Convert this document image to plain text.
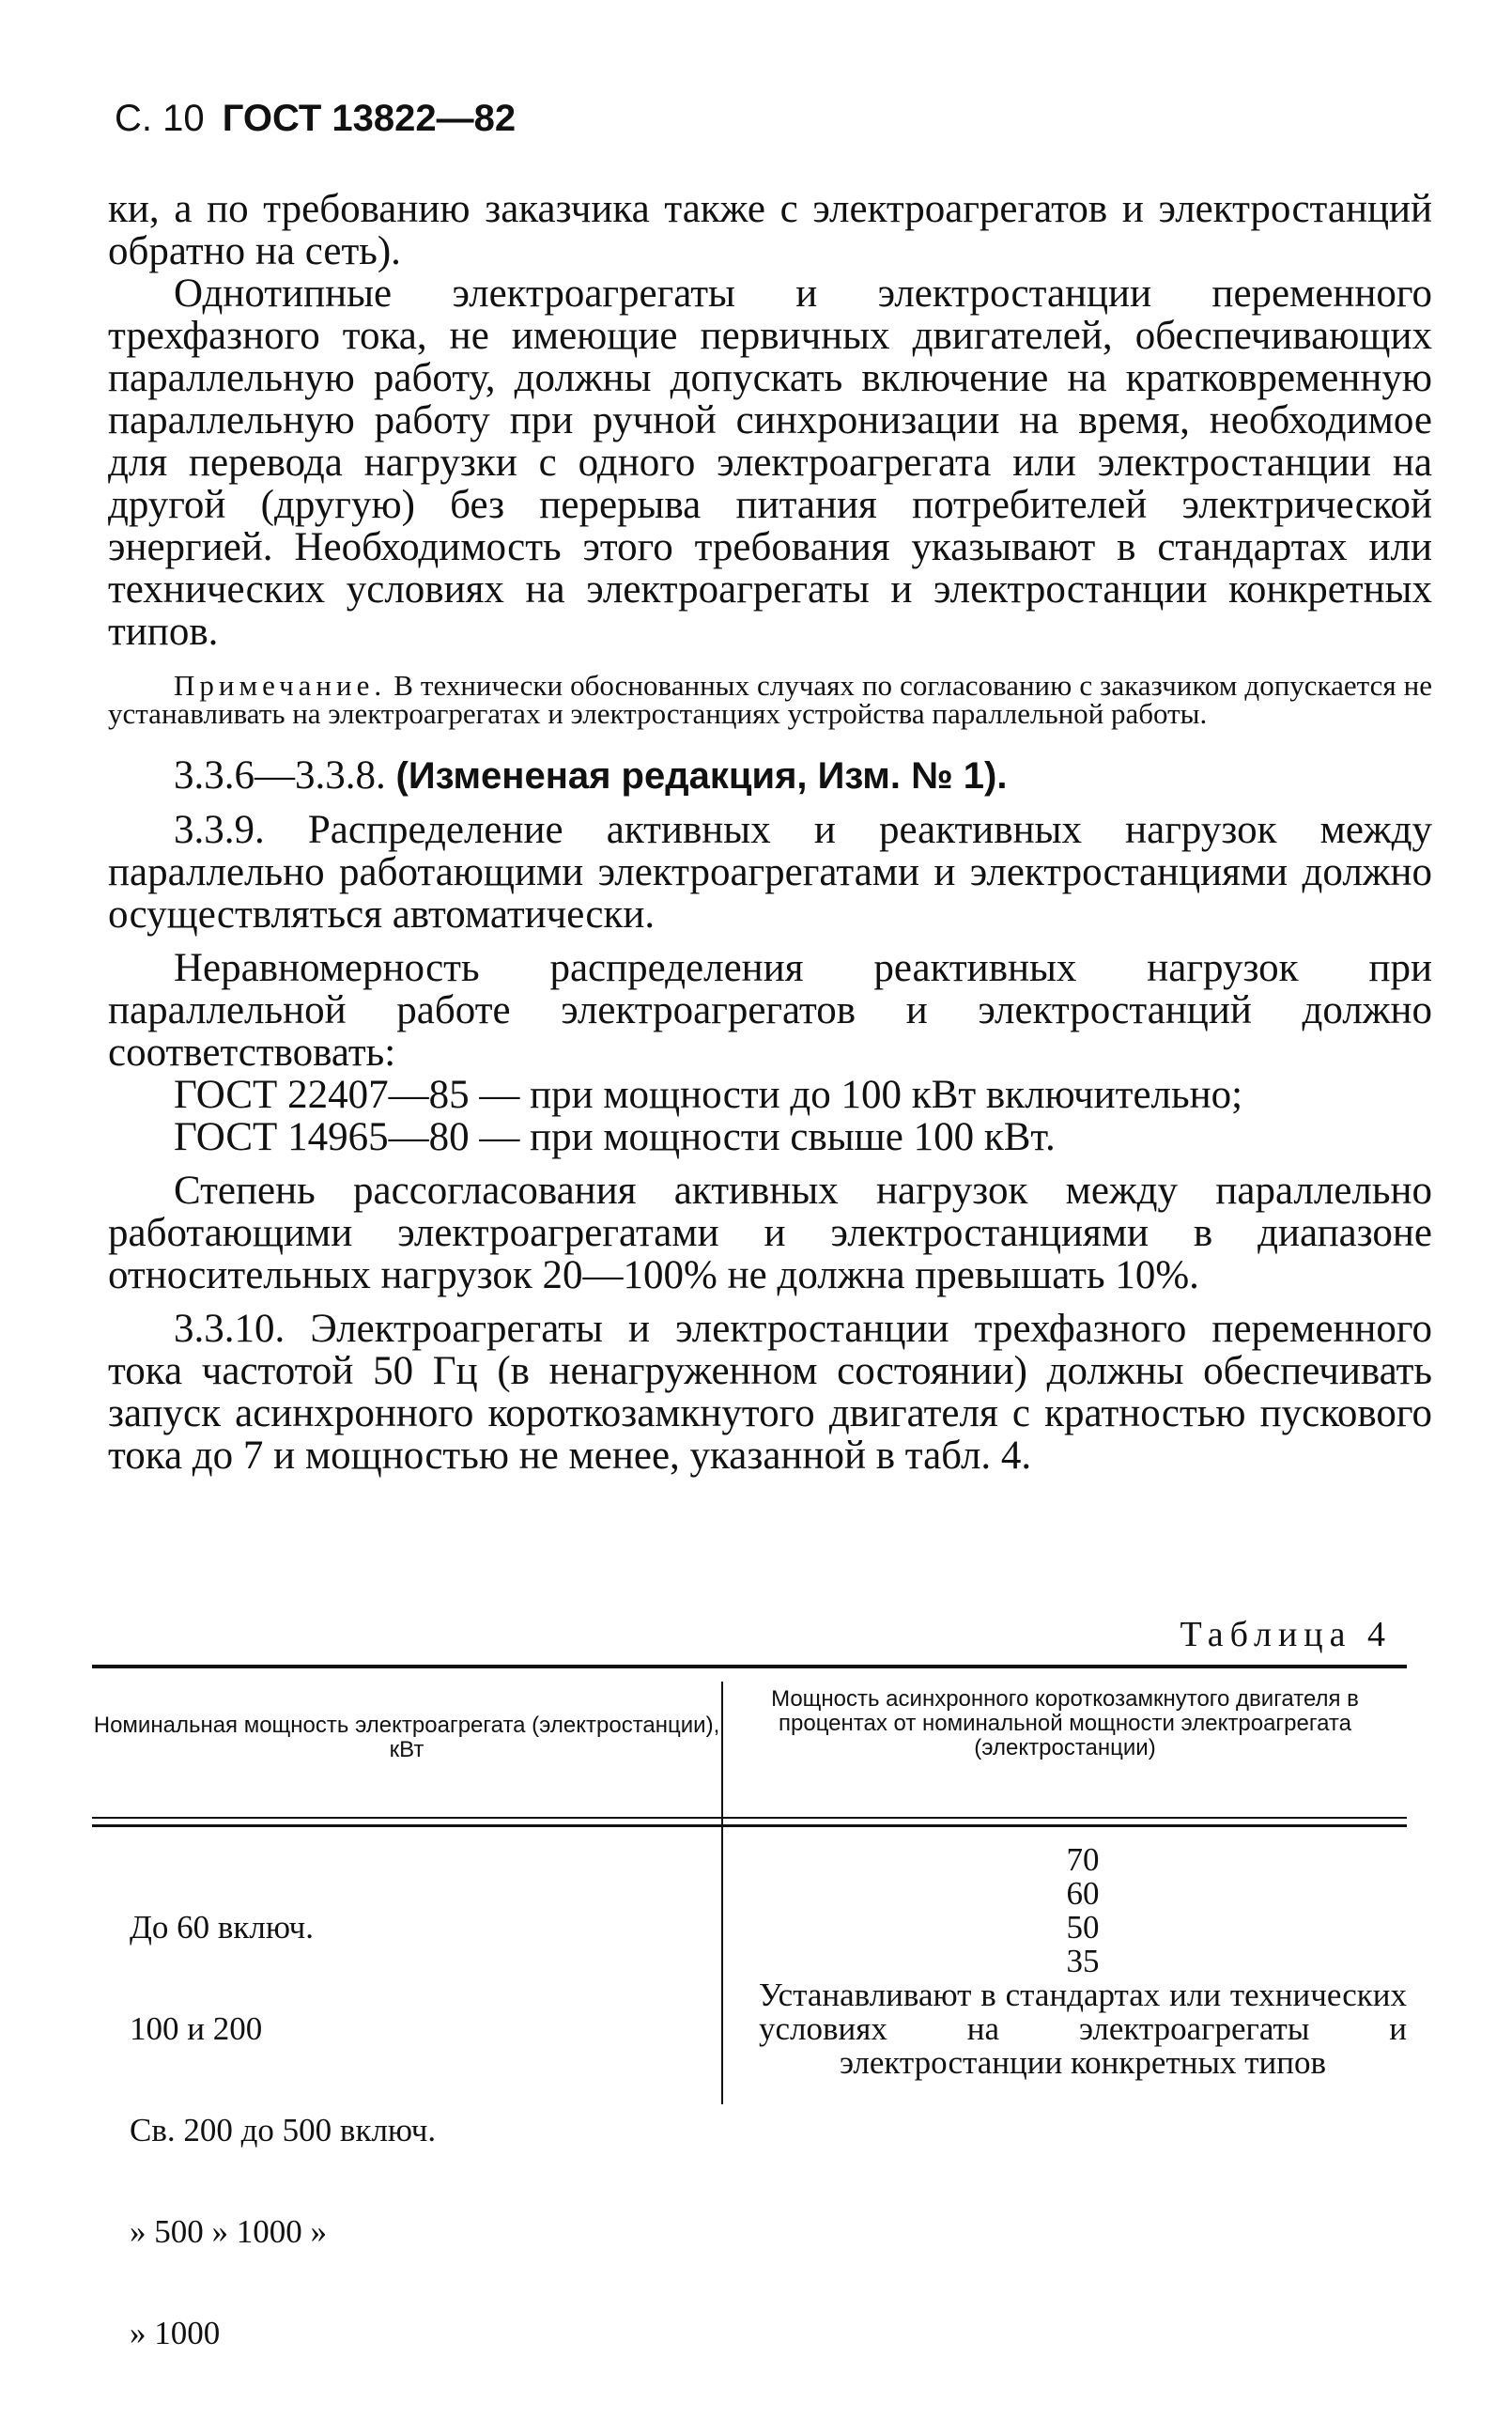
С. 10 ГОСТ 13822—82

ки, а по требованию заказчика также с электроагрегатов и электростанций обратно на сеть).

Однотипные электроагрегаты и электростанции переменного трехфазного тока, не имеющие первичных двигателей, обеспечивающих параллельную работу, должны допускать включение на кратковременную параллельную работу при ручной синхронизации на время, необходимое для перевода нагрузки с одного электроагрегата или электростанции на другой (другую) без перерыва питания потребителей электрической энергией. Необходимость этого требования указывают в стандартах или технических условиях на электроагрегаты и электростанции конкретных типов.

Примечание. В технически обоснованных случаях по согласованию с заказчиком допускается не устанавливать на электроагрегатах и электростанциях устройства параллельной работы.

3.3.6—3.3.8. (Измененая редакция, Изм. № 1).

3.3.9. Распределение активных и реактивных нагрузок между параллельно работающими электроагрегатами и электростанциями должно осуществляться автоматически.

Неравномерность распределения реактивных нагрузок при параллельной работе электроагрегатов и электростанций должно соответствовать:

ГОСТ 22407—85 — при мощности до 100 кВт включительно;

ГОСТ 14965—80 — при мощности свыше 100 кВт.

Степень рассогласования активных нагрузок между параллельно работающими электроагрегатами и электростанциями в диапазоне относительных нагрузок 20—100% не должна превышать 10%.

3.3.10. Электроагрегаты и электростанции трехфазного переменного тока частотой 50 Гц (в ненагруженном состоянии) должны обеспечивать запуск асинхронного короткозамкнутого двигателя с кратностью пускового тока до 7 и мощностью не менее, указанной в табл. 4.

Таблица 4
Номинальная мощность электроагрегата (электростанции), кВт
Мощность асинхронного короткозамкнутого двигателя в процентах от номинальной мощности электроагрегата (электростанции)

До 60 включ.

100 и 200

Св. 200 до 500 включ.

» 500 » 1000 »

» 1000

70
60
50
35
Устанавливают в стандартах или технических условиях на электроагрегаты и электростанции конкретных типов
